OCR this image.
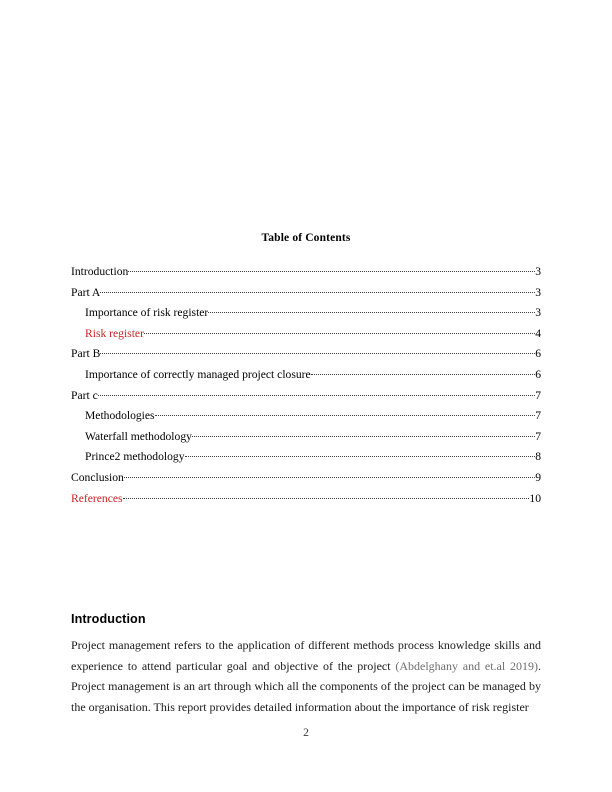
Table of Contents
Introduction	3
Part A	3
Importance of risk register	3
Risk register	4
Part B	6
Importance of correctly managed project closure	6
Part c	7
Methodologies	7
Waterfall methodology	7
Prince2 methodology	8
Conclusion	9
References	10
Introduction

Project management refers to the application of different methods process knowledge skills and experience to attend particular goal and objective of the project (Abdelghany and et.al 2019). Project management is an art through which all the components of the project can be managed by the organisation. This report provides detailed information about the importance of risk register

2
